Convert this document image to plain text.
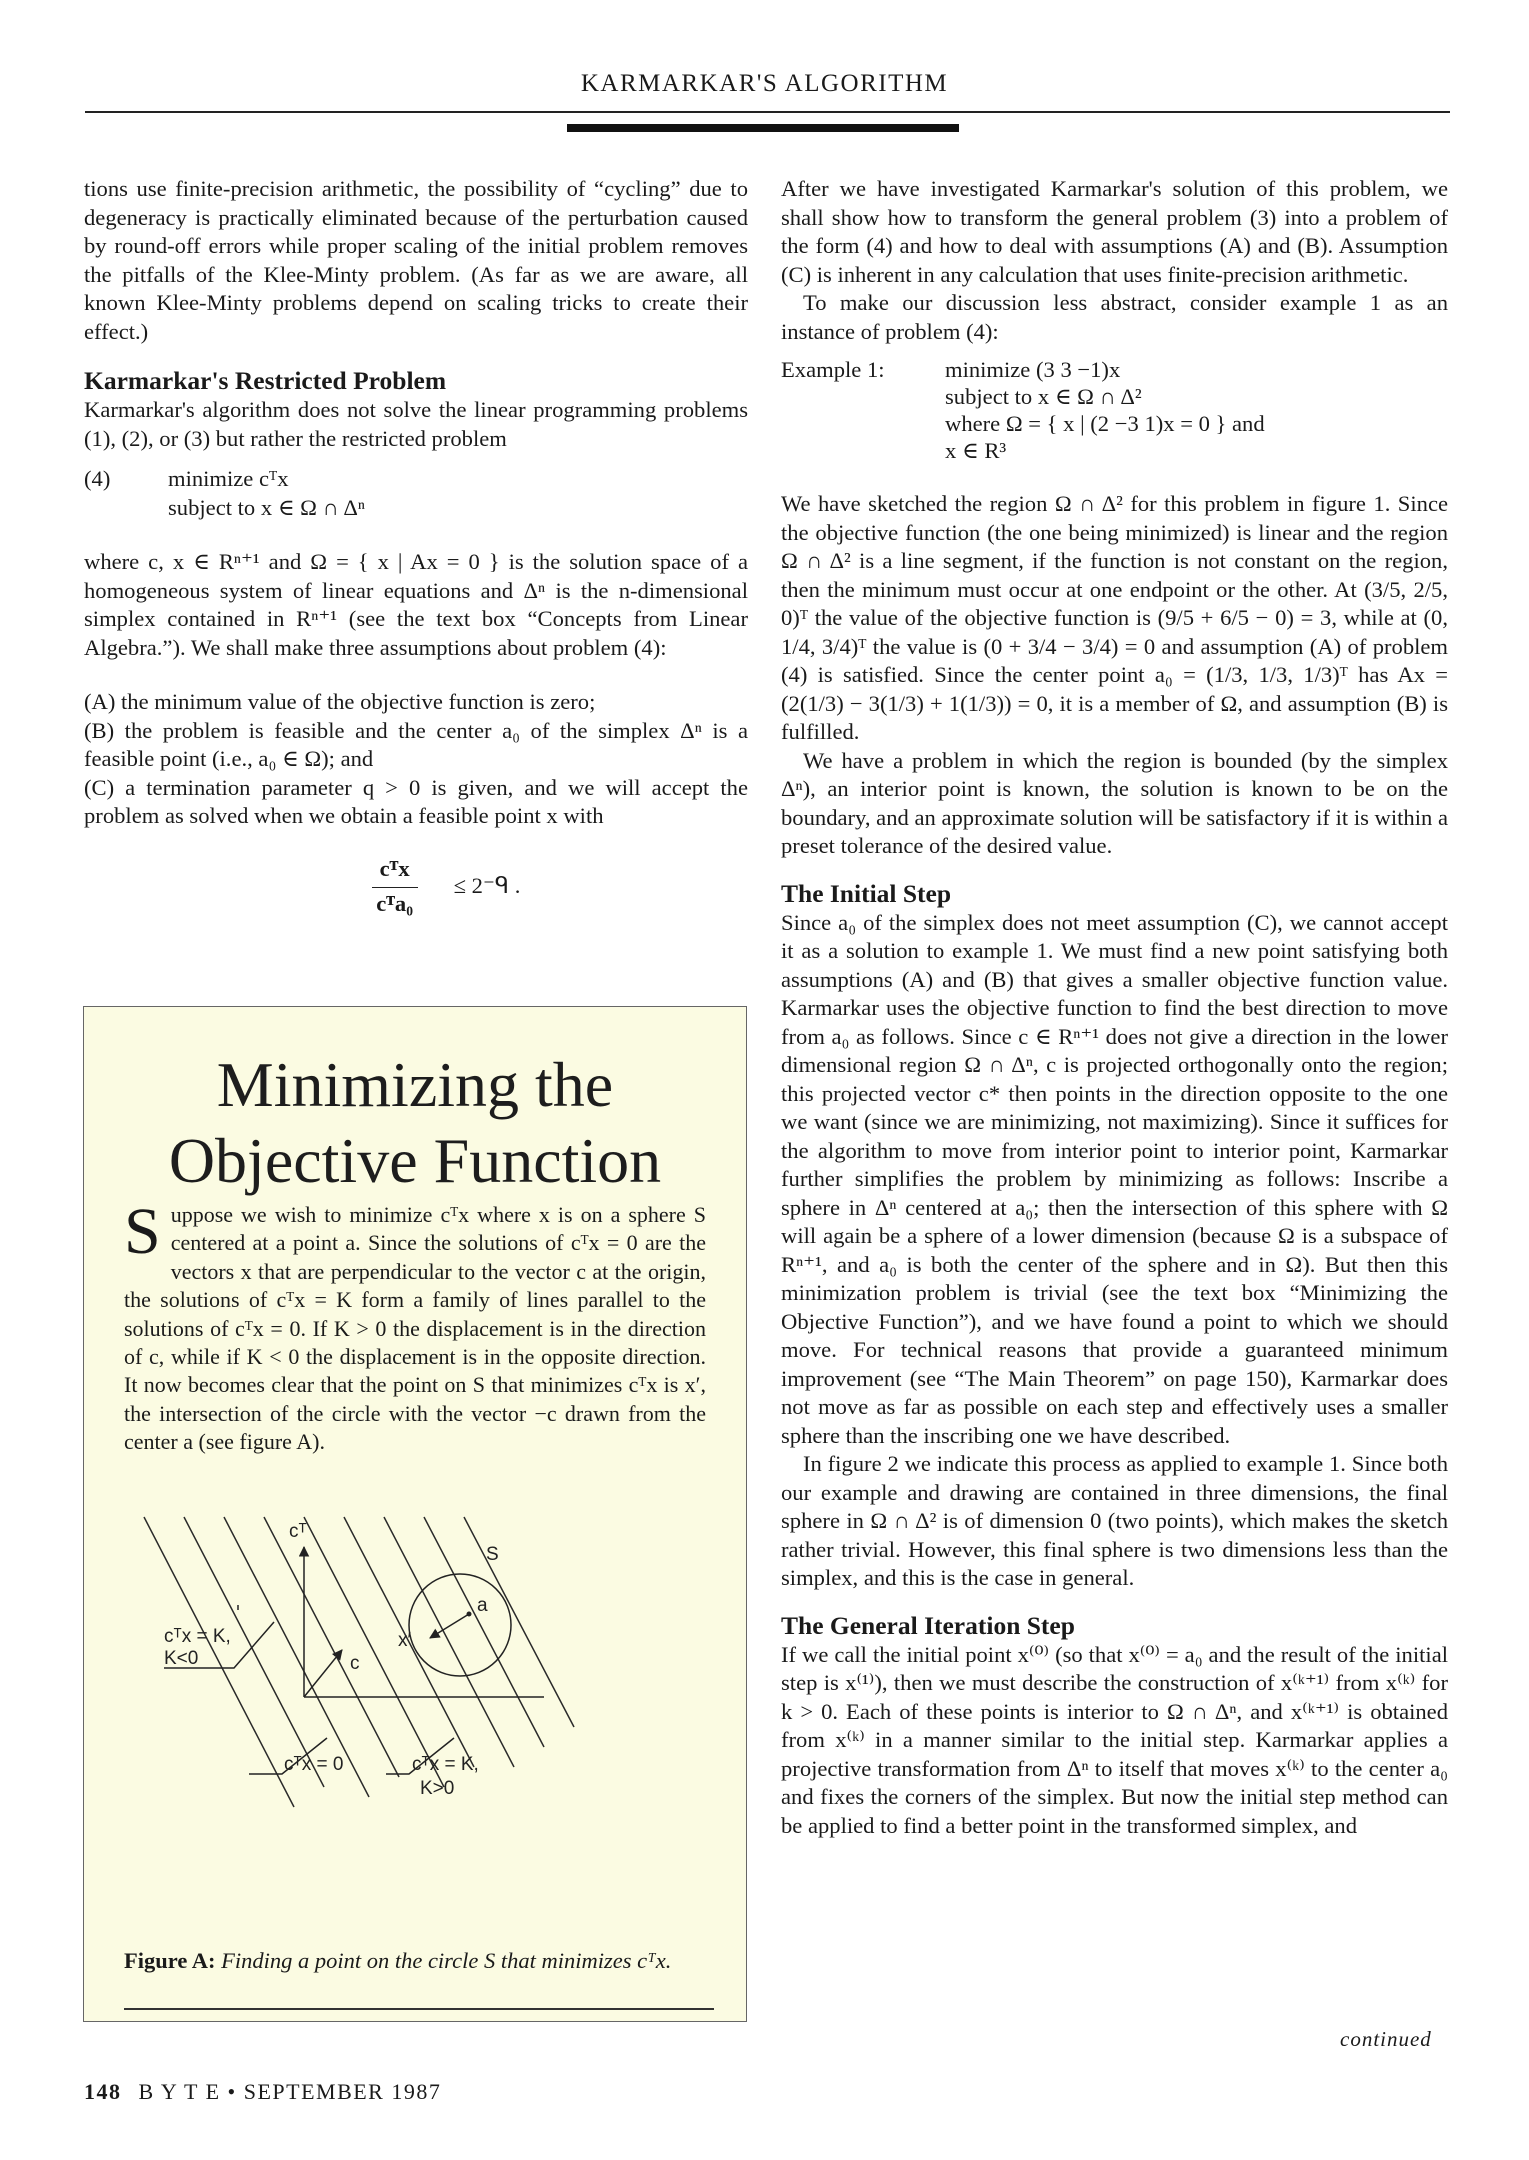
KARMARKAR'S ALGORITHM

tions use finite-precision arithmetic, the possibility of “cycling” due to degeneracy is practically eliminated because of the perturbation caused by round-off errors while proper scaling of the initial problem removes the pitfalls of the Klee-Minty problem. (As far as we are aware, all known Klee-Minty problems depend on scaling tricks to create their effect.)

Karmarkar's Restricted Problem

Karmarkar's algorithm does not solve the linear programming problems (1), (2), or (3) but rather the restricted problem

(4)	minimize cᵀx
subject to x ∈ Ω ∩ Δⁿ

where c, x ∈ Rⁿ⁺¹ and Ω = { x | Ax = 0 } is the solution space of a homogeneous system of linear equations and Δⁿ is the n-dimensional simplex contained in Rⁿ⁺¹ (see the text box “Concepts from Linear Algebra.”). We shall make three assumptions about problem (4):

(A) the minimum value of the objective function is zero;

(B) the problem is feasible and the center a₀ of the simplex Δⁿ is a feasible point (i.e., a₀ ∈ Ω); and

(C) a termination parameter q > 0 is given, and we will accept the problem as solved when we obtain a feasible point x with

cᵀx
cᵀa₀
≤ 2⁻ᑫ .
Minimizing the
Objective Function
Suppose we wish to minimize cᵀx where x is on a sphere S centered at a point a. Since the solutions of cᵀx = 0 are the vectors x that are perpendicular to the vector c at the origin, the solutions of cᵀx = K form a family of lines parallel to the solutions of cᵀx = 0. If K > 0 the displacement is in the direction of c, while if K < 0 the displacement is in the opposite direction. It now becomes clear that the point on S that minimizes cᵀx is x′, the intersection of the circle with the vector −c drawn from the center a (see figure A).
S
a
x′
c
cᵀ
cᵀx = K,
K<0
cᵀx = 0	cᵀx = K,
K>0
Figure A: Finding a point on the circle S that minimizes cᵀx.

After we have investigated Karmarkar's solution of this problem, we shall show how to transform the general problem (3) into a problem of the form (4) and how to deal with assumptions (A) and (B). Assumption (C) is inherent in any calculation that uses finite-precision arithmetic.

To make our discussion less abstract, consider example 1 as an instance of problem (4):

Example 1:	minimize (3 3 −1)x
subject to x ∈ Ω ∩ Δ²
where Ω = { x | (2 −3 1)x = 0 } and
x ∈ R³

We have sketched the region Ω ∩ Δ² for this problem in figure 1. Since the objective function (the one being minimized) is linear and the region Ω ∩ Δ² is a line segment, if the function is not constant on the region, then the minimum must occur at one endpoint or the other. At (3/5, 2/5, 0)ᵀ the value of the objective function is (9/5 + 6/5 − 0) = 3, while at (0, 1/4, 3/4)ᵀ the value is (0 + 3/4 − 3/4) = 0 and assumption (A) of problem (4) is satisfied. Since the center point a₀ = (1/3, 1/3, 1/3)ᵀ has Ax = (2(1/3) − 3(1/3) + 1(1/3)) = 0, it is a member of Ω, and assumption (B) is fulfilled.

We have a problem in which the region is bounded (by the simplex Δⁿ), an interior point is known, the solution is known to be on the boundary, and an approximate solution will be satisfactory if it is within a preset tolerance of the desired value.

The Initial Step

Since a₀ of the simplex does not meet assumption (C), we cannot accept it as a solution to example 1. We must find a new point satisfying both assumptions (A) and (B) that gives a smaller objective function value. Karmarkar uses the objective function to find the best direction to move from a₀ as follows. Since c ∈ Rⁿ⁺¹ does not give a direction in the lower dimensional region Ω ∩ Δⁿ, c is projected orthogonally onto the region; this projected vector c* then points in the direction opposite to the one we want (since we are minimizing, not maximizing). Since it suffices for the algorithm to move from interior point to interior point, Karmarkar further simplifies the problem by minimizing as follows: Inscribe a sphere in Δⁿ centered at a₀; then the intersection of this sphere with Ω will again be a sphere of a lower dimension (because Ω is a subspace of Rⁿ⁺¹, and a₀ is both the center of the sphere and in Ω). But then this minimization problem is trivial (see the text box “Minimizing the Objective Function”), and we have found a point to which we should move. For technical reasons that provide a guaranteed minimum improvement (see “The Main Theorem” on page 150), Karmarkar does not move as far as possible on each step and effectively uses a smaller sphere than the inscribing one we have described.

In figure 2 we indicate this process as applied to example 1. Since both our example and drawing are contained in three dimensions, the final sphere in Ω ∩ Δ² is of dimension 0 (two points), which makes the sketch rather trivial. However, this final sphere is two dimensions less than the simplex, and this is the case in general.

The General Iteration Step

If we call the initial point x⁽⁰⁾ (so that x⁽⁰⁾ = a₀ and the result of the initial step is x⁽¹⁾), then we must describe the construction of x⁽ᵏ⁺¹⁾ from x⁽ᵏ⁾ for k > 0. Each of these points is interior to Ω ∩ Δⁿ, and x⁽ᵏ⁺¹⁾ is obtained from x⁽ᵏ⁾ in a manner similar to the initial step. Karmarkar applies a projective transformation from Δⁿ to itself that moves x⁽ᵏ⁾ to the center a₀ and fixes the corners of the simplex. But now the initial step method can be applied to find a better point in the transformed simplex, and

continued
148 B Y T E • SEPTEMBER 1987
